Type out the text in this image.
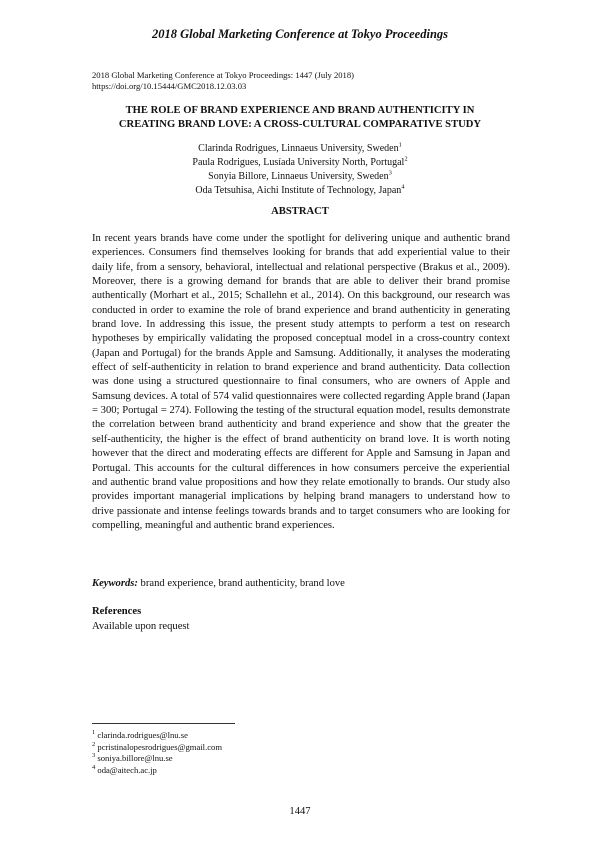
2018 Global Marketing Conference at Tokyo Proceedings
2018 Global Marketing Conference at Tokyo Proceedings: 1447 (July 2018)
https://doi.org/10.15444/GMC2018.12.03.03
THE ROLE OF BRAND EXPERIENCE AND BRAND AUTHENTICITY IN
CREATING BRAND LOVE: A CROSS-CULTURAL COMPARATIVE STUDY
Clarinda Rodrigues, Linnaeus University, Sweden$^1$
Paula Rodrigues, Lusíada University North, Portugal$^2$
Sonyia Billore, Linnaeus University, Sweden$^3$
Oda Tetsuhisa, Aichi Institute of Technology, Japan$^4$
ABSTRACT
In recent years brands have come under the spotlight for delivering unique and authentic brand experiences. Consumers find themselves looking for brands that add experiential value to their daily life, from a sensory, behavioral, intellectual and relational perspective (Brakus et al., 2009). Moreover, there is a growing demand for brands that are able to deliver their brand promise authentically (Morhart et al., 2015; Schallehn et al., 2014). On this background, our research was conducted in order to examine the role of brand experience and brand authenticity in generating brand love. In addressing this issue, the present study attempts to perform a test on research hypotheses by empirically validating the proposed conceptual model in a cross-country context (Japan and Portugal) for the brands Apple and Samsung. Additionally, it analyses the moderating effect of self-authenticity in relation to brand experience and brand authenticity. Data collection was done using a structured questionnaire to final consumers, who are owners of Apple and Samsung devices. A total of 574 valid questionnaires were collected regarding Apple brand (Japan = 300; Portugal = 274). Following the testing of the structural equation model, results demonstrate the correlation between brand authenticity and brand experience and show that the greater the self-authenticity, the higher is the effect of brand authenticity on brand love. It is worth noting however that the direct and moderating effects are different for Apple and Samsung in Japan and Portugal. This accounts for the cultural differences in how consumers perceive the experiential and authentic brand value propositions and how they relate emotionally to brands. Our study also provides important managerial implications by helping brand managers to understand how to drive passionate and intense feelings towards brands and to target consumers who are looking for compelling, meaningful and authentic brand experiences.
Keywords: brand experience, brand authenticity, brand love
References
Available upon request
$^1$ clarinda.rodrigues@lnu.se
$^2$ pcristinalopesrodrigues@gmail.com
$^3$ soniya.billore@lnu.se
$^4$ oda@aitech.ac.jp
1447
